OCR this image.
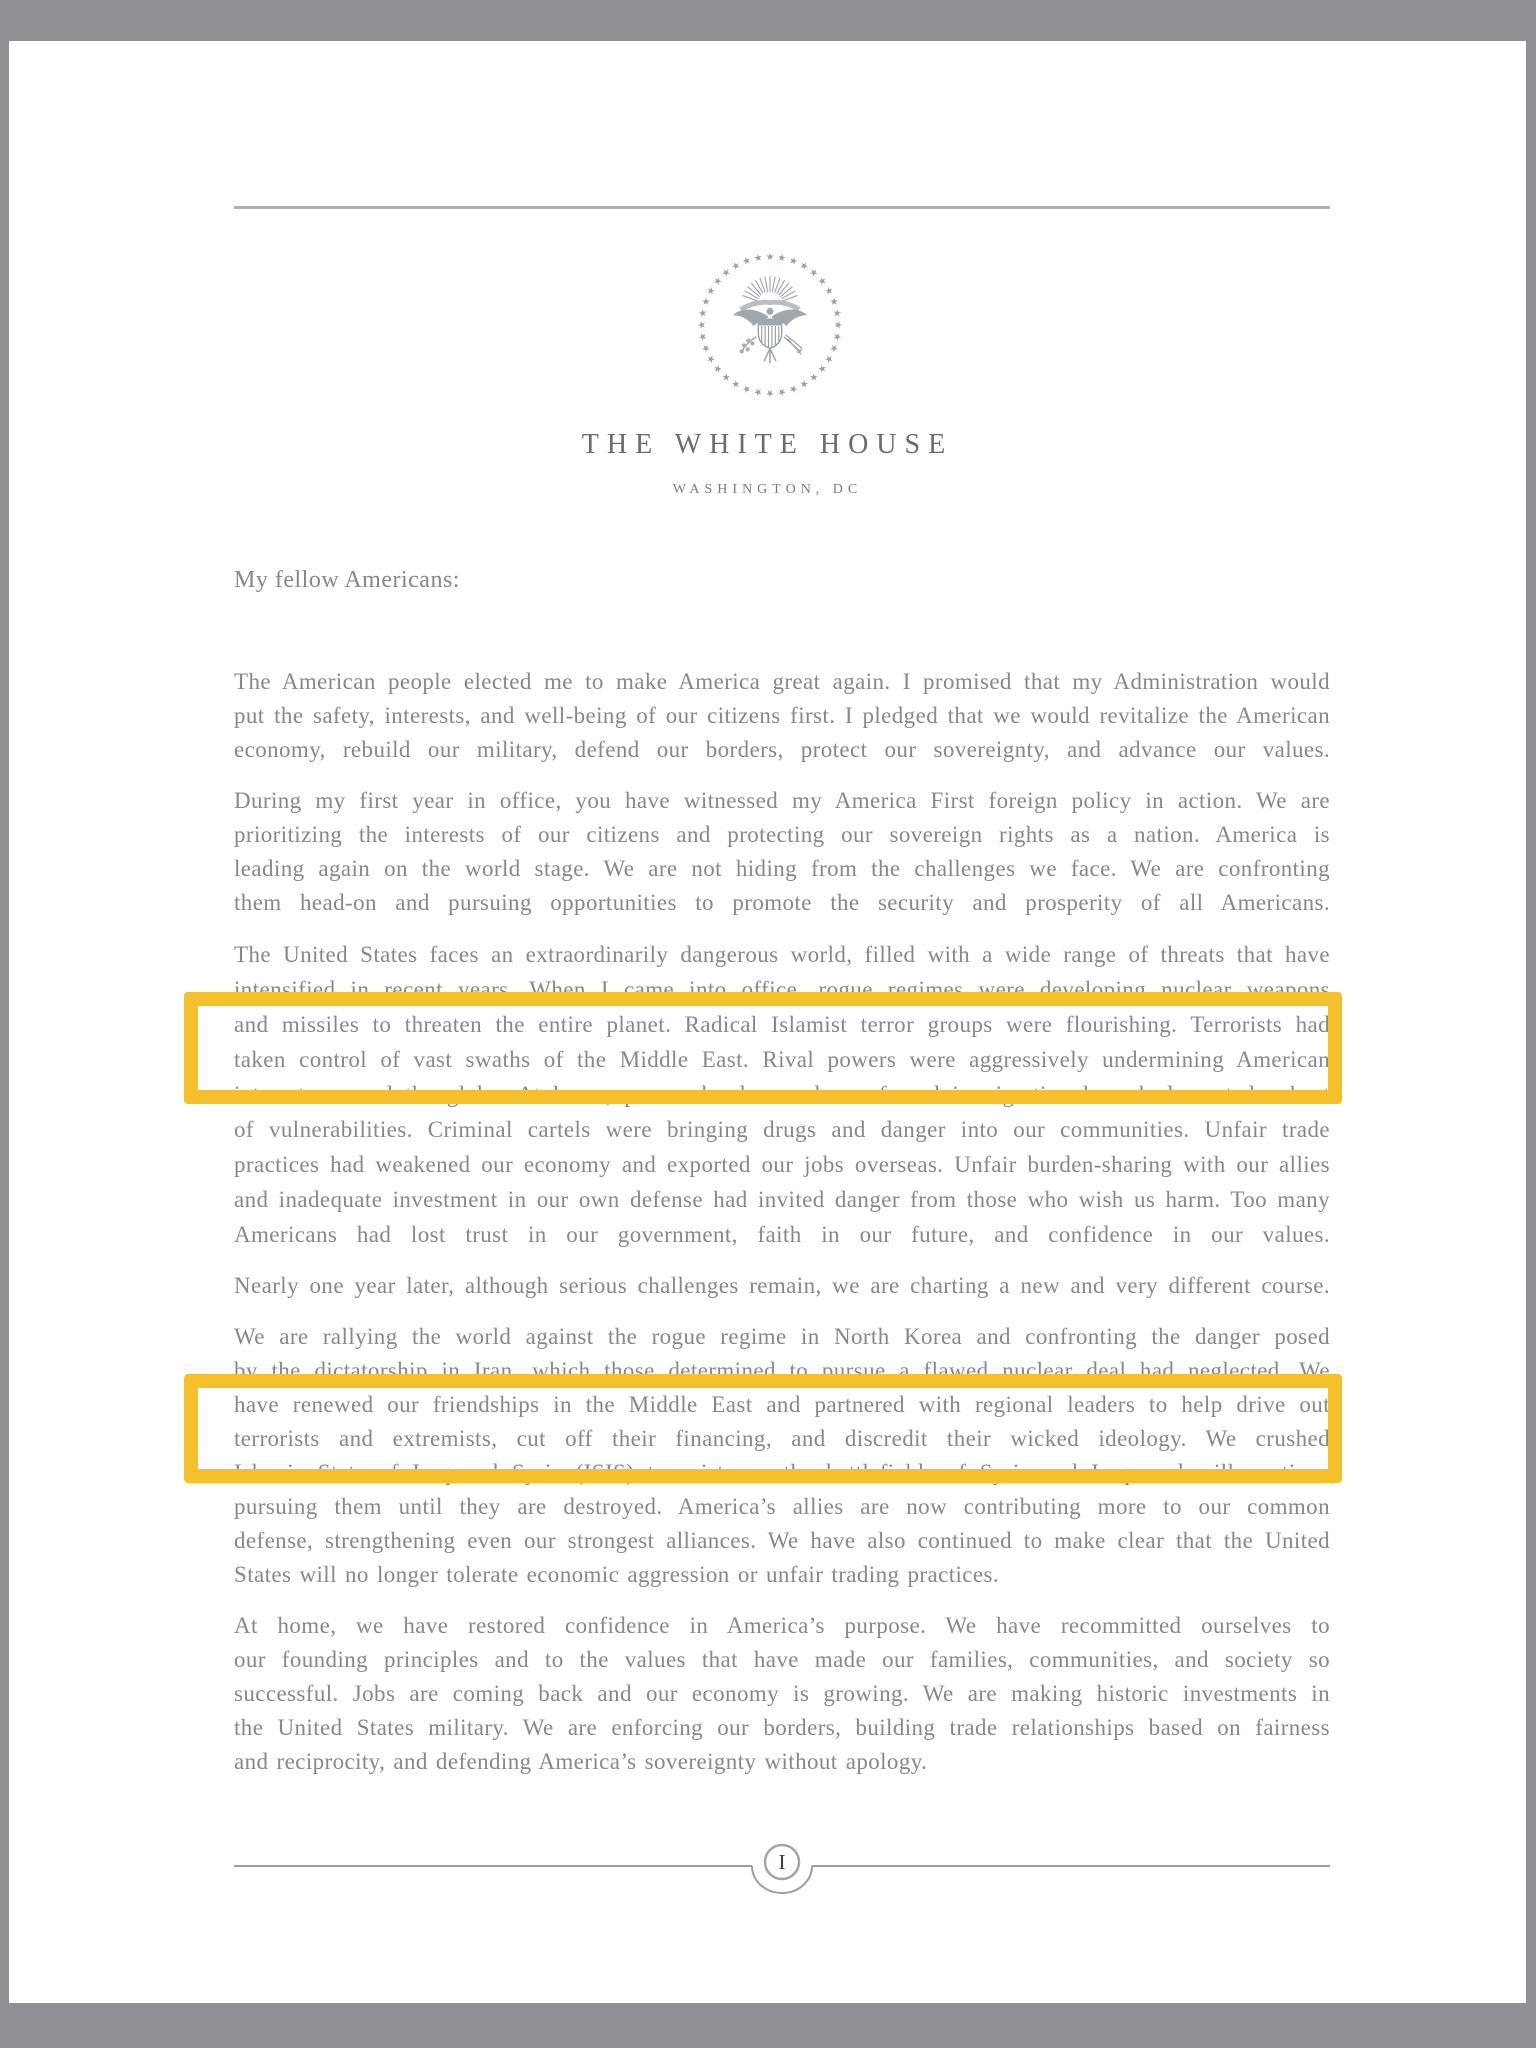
THE WHITE HOUSE
WASHINGTON, DC
My fellow Americans:
The American people elected me to make America great again. I promised that my Administration would
put the safety, interests, and well-being of our citizens first. I pledged that we would revitalize the American
economy, rebuild our military, defend our borders, protect our sovereignty, and advance our values.
During my first year in office, you have witnessed my America First foreign policy in action. We are
prioritizing the interests of our citizens and protecting our sovereign rights as a nation. America is
leading again on the world stage. We are not hiding from the challenges we face. We are confronting
them head-on and pursuing opportunities to promote the security and prosperity of all Americans.
The United States faces an extraordinarily dangerous world, filled with a wide range of threats that have
intensified in recent years. When I came into office, rogue regimes were developing nuclear weapons
and missiles to threaten the entire planet. Radical Islamist terror groups were flourishing. Terrorists had
taken control of vast swaths of the Middle East. Rival powers were aggressively undermining American
interests around the globe. At home, porous borders and unenforced immigration laws had created a host
of vulnerabilities. Criminal cartels were bringing drugs and danger into our communities. Unfair trade
practices had weakened our economy and exported our jobs overseas. Unfair burden-sharing with our allies
and inadequate investment in our own defense had invited danger from those who wish us harm. Too many
Americans had lost trust in our government, faith in our future, and confidence in our values.
Nearly one year later, although serious challenges remain, we are charting a new and very different course.
We are rallying the world against the rogue regime in North Korea and confronting the danger posed
by the dictatorship in Iran, which those determined to pursue a flawed nuclear deal had neglected. We
have renewed our friendships in the Middle East and partnered with regional leaders to help drive out
terrorists and extremists, cut off their financing, and discredit their wicked ideology. We crushed
Islamic State of Iraq and Syria (ISIS) terrorists on the battlefields of Syria and Iraq, and will continue
pursuing them until they are destroyed. America’s allies are now contributing more to our common
defense, strengthening even our strongest alliances. We have also continued to make clear that the United
States will no longer tolerate economic aggression or unfair trading practices.
At home, we have restored confidence in America’s purpose. We have recommitted ourselves to
our founding principles and to the values that have made our families, communities, and society so
successful. Jobs are coming back and our economy is growing. We are making historic investments in
the United States military. We are enforcing our borders, building trade relationships based on fairness
and reciprocity, and defending America’s sovereignty without apology.
I
